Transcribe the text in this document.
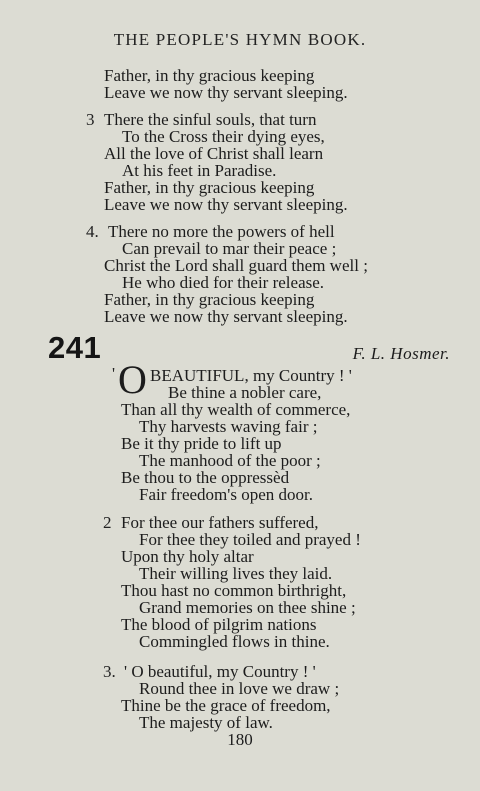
THE PEOPLE'S HYMN BOOK.
Father, in thy gracious keeping
Leave we now thy servant sleeping.
3 There the sinful souls, that turn
To the Cross their dying eyes,
All the love of Christ shall learn
At his feet in Paradise.
Father, in thy gracious keeping
Leave we now thy servant sleeping.
4. There no more the powers of hell
Can prevail to mar their peace ;
Christ the Lord shall guard them well ;
He who died for their release.
Father, in thy gracious keeping
Leave we now thy servant sleeping.
241	F. L. Hosmer.
' O BEAUTIFUL, my Country ! '
Be thine a nobler care,
Than all thy wealth of commerce,
Thy harvests waving fair ;
Be it thy pride to lift up
The manhood of the poor ;
Be thou to the oppressèd
Fair freedom's open door.
2 For thee our fathers suffered,
For thee they toiled and prayed !
Upon thy holy altar
Their willing lives they laid.
Thou hast no common birthright,
Grand memories on thee shine ;
The blood of pilgrim nations
Commingled flows in thine.
3. ' O beautiful, my Country ! '
Round thee in love we draw ;
Thine be the grace of freedom,
The majesty of law.
180
